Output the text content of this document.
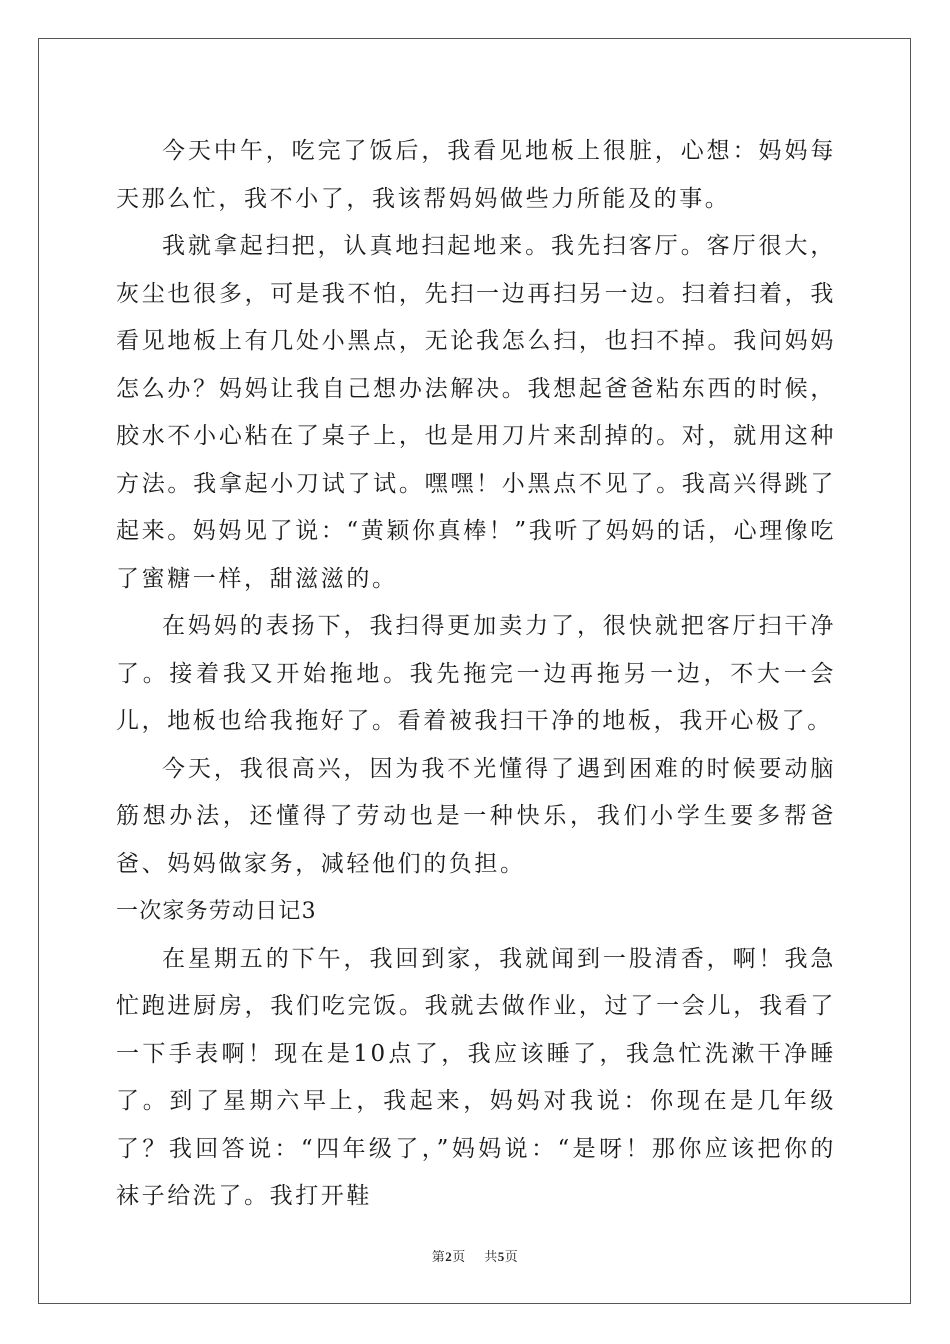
今天中午，吃完了饭后，我看见地板上很脏，心想：妈妈每天那么忙，我不小了，我该帮妈妈做些力所能及的事。

我就拿起扫把，认真地扫起地来。我先扫客厅。客厅很大，灰尘也很多，可是我不怕，先扫一边再扫另一边。扫着扫着，我看见地板上有几处小黑点，无论我怎么扫，也扫不掉。我问妈妈怎么办？妈妈让我自己想办法解决。我想起爸爸粘东西的时候，胶水不小心粘在了桌子上，也是用刀片来刮掉的。对，就用这种方法。我拿起小刀试了试。嘿嘿！小黑点不见了。我高兴得跳了起来。妈妈见了说：“黄颖你真棒！”我听了妈妈的话，心理像吃了蜜糖一样，甜滋滋的。

在妈妈的表扬下，我扫得更加卖力了，很快就把客厅扫干净了。接着我又开始拖地。我先拖完一边再拖另一边，不大一会儿，地板也给我拖好了。看着被我扫干净的地板，我开心极了。

今天，我很高兴，因为我不光懂得了遇到困难的时候要动脑筋想办法，还懂得了劳动也是一种快乐，我们小学生要多帮爸爸、妈妈做家务，减轻他们的负担。

一次家务劳动日记3

在星期五的下午，我回到家，我就闻到一股清香，啊！我急忙跑进厨房，我们吃完饭。我就去做作业，过了一会儿，我看了一下手表啊！现在是10点了，我应该睡了，我急忙洗漱干净睡了。到了星期六早上，我起来，妈妈对我说：你现在是几年级了？我回答说：“四年级了，”妈妈说：“是呀！那你应该把你的袜子给洗了。我打开鞋

第2页 共5页
